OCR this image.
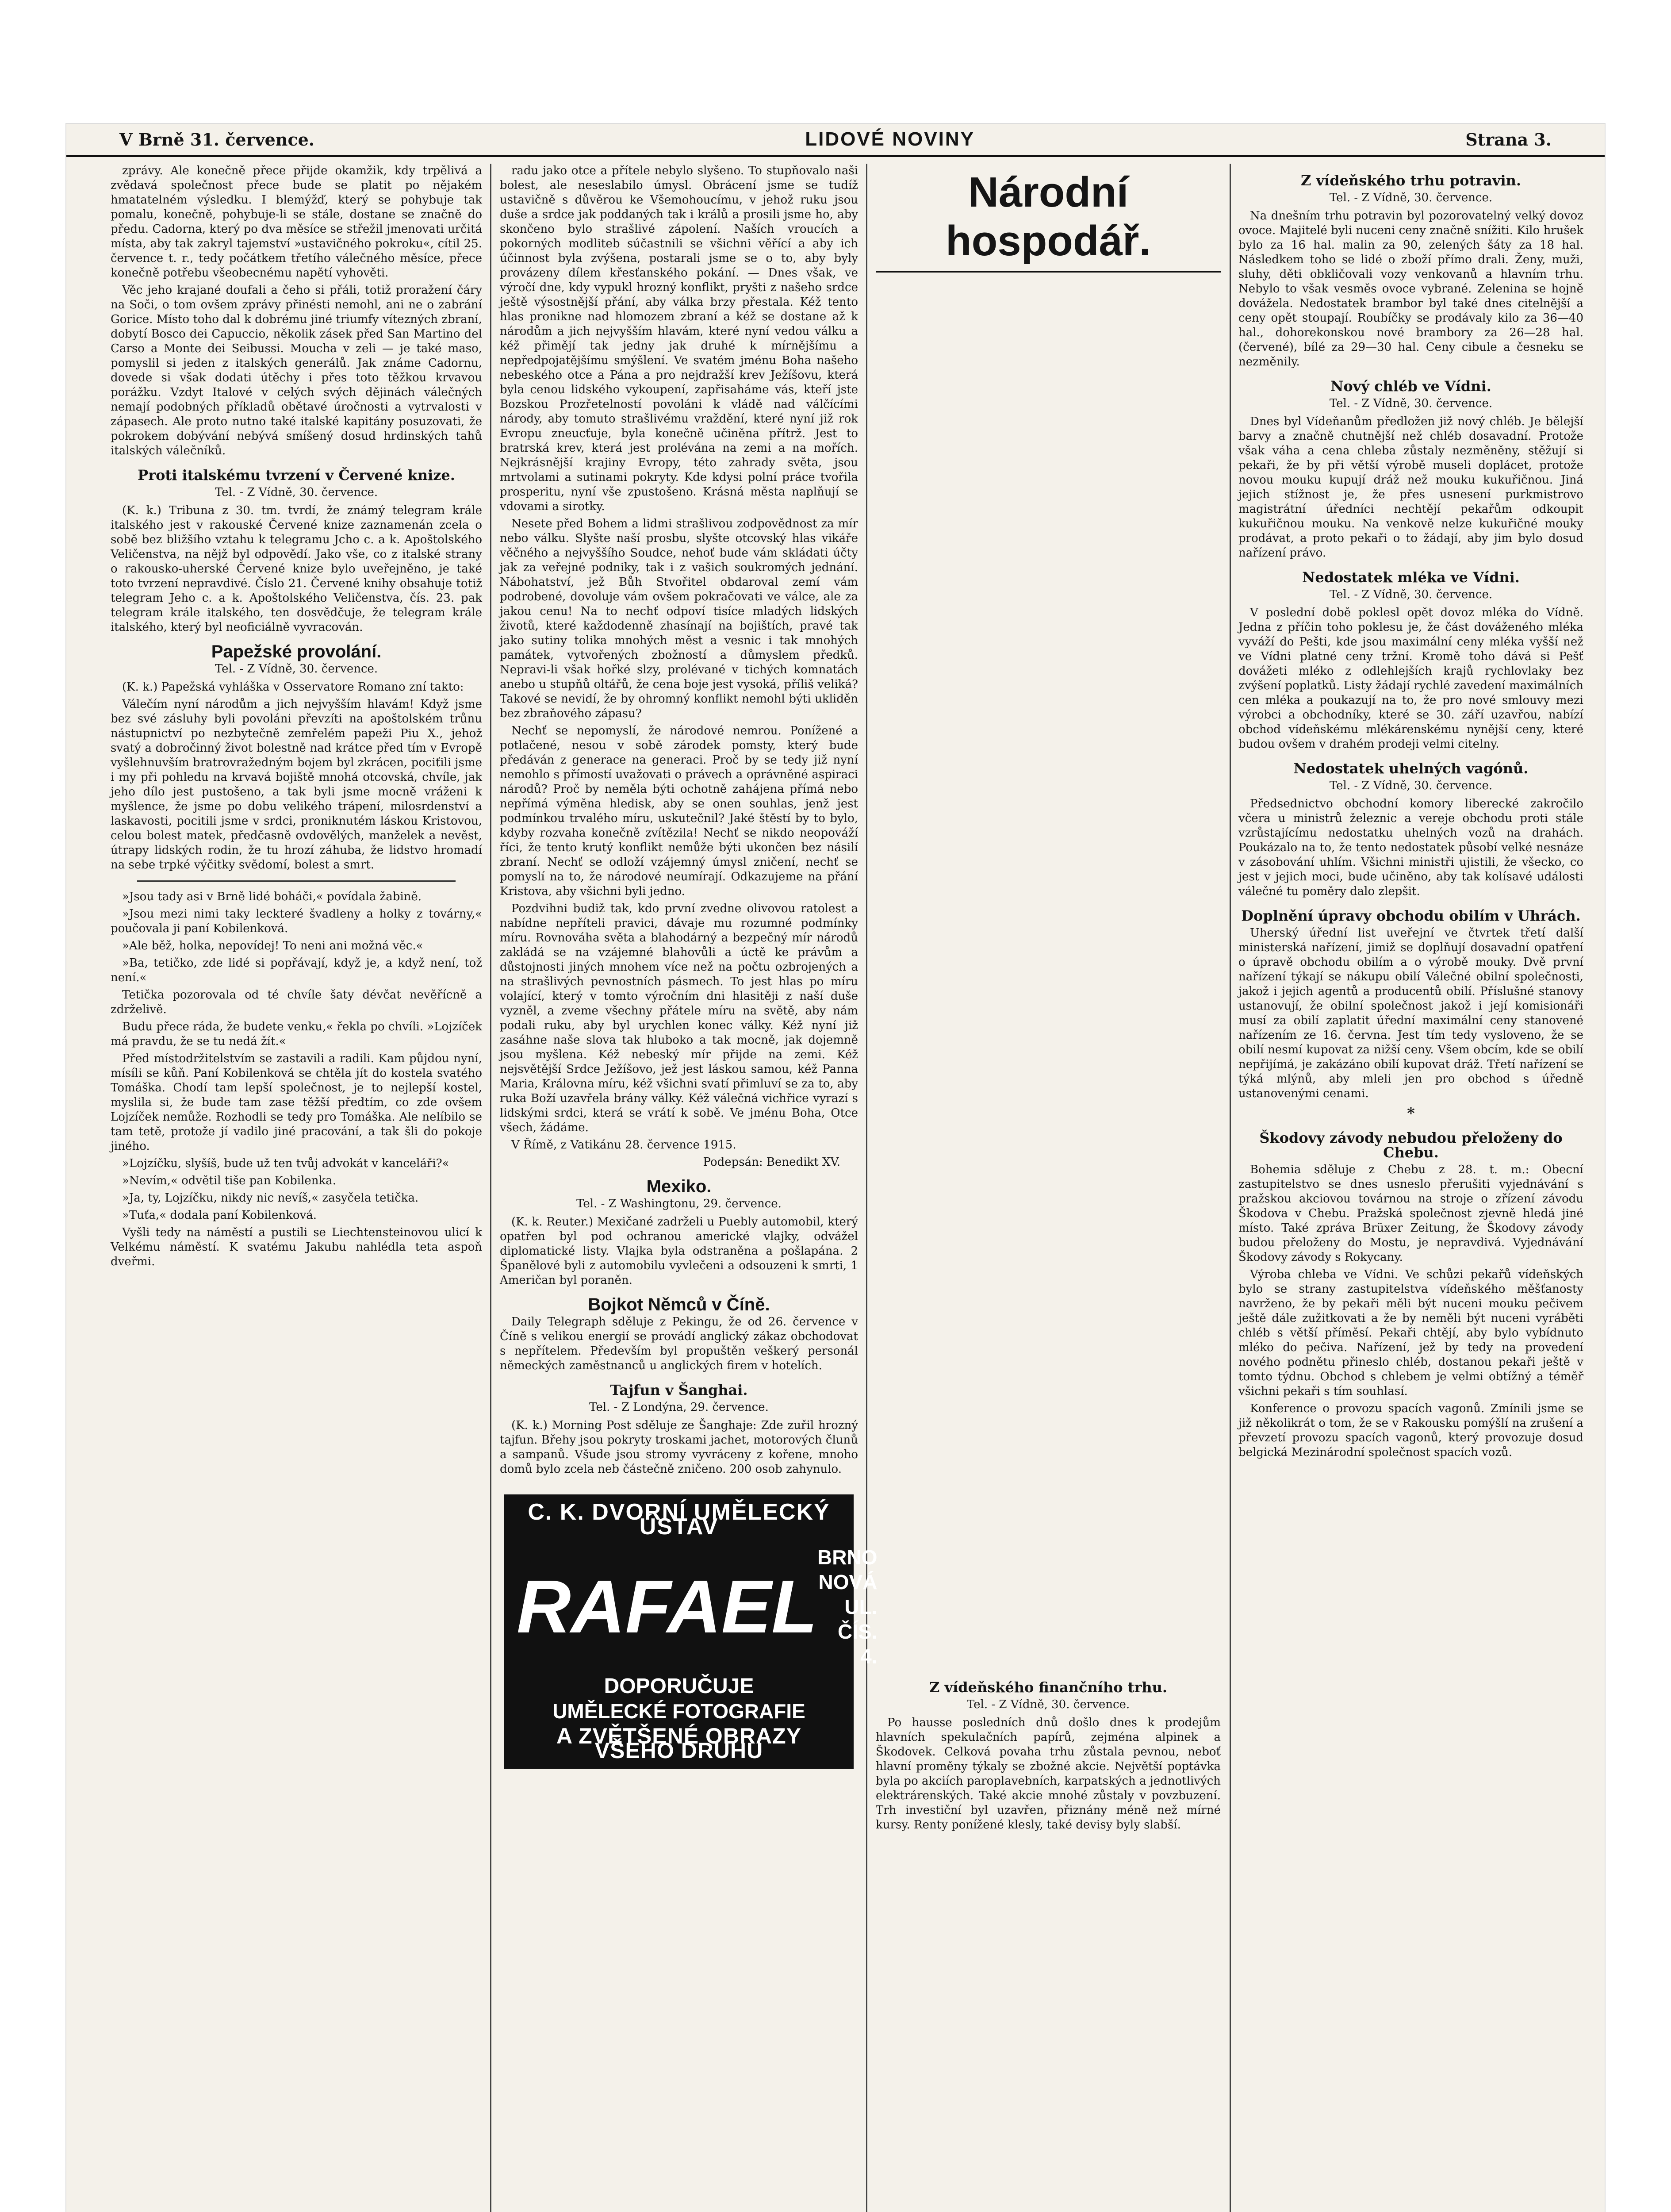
V Brně 31. července.	LIDOVÉ NOVINY	Strana 3.

zprávy. Ale konečně přece přijde okamžik, kdy trpělivá a zvědavá společnost přece bude se platit po nějakém hmatatelném výsledku. I blemýžď, který se pohybuje tak pomalu, konečně, pohybuje-li se stále, dostane se značně do předu. Cadorna, který po dva měsíce se střežil jmenovati určitá místa, aby tak zakryl tajemství »ustavičného pokroku«, cítil 25. července t. r., tedy počátkem třetího válečného měsíce, přece konečně potřebu všeobecnému napětí vyhověti.

Věc jeho krajané doufali a čeho si přáli, totiž proražení čáry na Soči, o tom ovšem zprávy přinésti nemohl, ani ne o zabrání Gorice. Místo toho dal k dobrému jiné triumfy vítezných zbraní, dobytí Bosco dei Capuccio, několik zásek před San Martino del Carso a Monte dei Seibussi. Moucha v zeli — je také maso, pomyslil si jeden z italských generálů. Jak známe Cadornu, dovede si však dodati útěchy i přes toto těžkou krvavou porážku. Vzdyt Italové v celých svých dějinách válečných nemají podobných příkladů obětavé úročnosti a vytrvalosti v zápasech. Ale proto nutno také italské kapitány posuzovati, že pokrokem dobývání nebývá smíšený dosud hrdinských tahů italských válečníků.

Proti italskému tvrzení v Červené knize.
Tel. - Z Vídně, 30. července.

(K. k.) Tribuna z 30. tm. tvrdí, že známý telegram krále italského jest v rakouské Červené knize zaznamenán zcela o sobě bez bližšího vztahu k telegramu Jcho c. a k. Apoštolského Veličenstva, na nějž byl odpovědí. Jako vše, co z italské strany o rakousko-uherské Červené knize bylo uveřejněno, je také toto tvrzení nepravdivé. Číslo 21. Červené knihy obsahuje totiž telegram Jeho c. a k. Apoštolského Veličenstva, čís. 23. pak telegram krále italského, ten dosvědčuje, že telegram krále italského, který byl neoficiálně vyvracován.

Papežské provolání.
Tel. - Z Vídně, 30. července.

(K. k.) Papežská vyhláška v Osservatore Romano zní takto:

Válečím nyní národům a jich nejvyšším hlavám! Když jsme bez své zásluhy byli povoláni převzíti na apoštolském trůnu nástupnictví po nezbytečně zemřelém papeži Piu X., jehož svatý a dobročinný život bolestně nad krátce před tím v Evropě vyšlehnuvším bratrovražedným bojem byl zkrácen, pociťili jsme i my při pohledu na krvavá bojiště mnohá otcovská, chvíle, jak jeho dílo jest pustošeno, a tak byli jsme mocně vráženi k myšlence, že jsme po dobu velikého trápení, milosrdenství a laskavosti, pocitili jsme v srdci, proniknutém láskou Kristovou, celou bolest matek, předčasně ovdovělých, manželek a nevěst, útrapy lidských rodin, že tu hrozí záhuba, že lidstvo hromadí na sebe trpké výčitky svědomí, bolest a smrt.

»Jsou tady asi v Brně lidé boháči,« povídala žabině.

»Jsou mezi nimi taky leckteré švadleny a holky z továrny,« poučovala ji paní Kobilenková.

»Ale běž, holka, nepovídej! To neni ani možná věc.«

»Ba, tetičko, zde lidé si popřávají, když je, a když není, tož není.«

Tetička pozorovala od té chvíle šaty dévčat nevěřícně a zdrželivě.

Budu přece ráda, že budete venku,« řekla po chvíli. »Lojzíček má pravdu, že se tu nedá žít.«

Před místodržitelstvím se zastavili a radili. Kam půjdou nyní, mísíli se kůň. Paní Kobilenková se chtěla jít do kostela svatého Tomáška. Chodí tam lepší společnost, je to nejlepší kostel, myslila si, že bude tam zase těžší předtím, co zde ovšem Lojzíček nemůže. Rozhodli se tedy pro Tomáška. Ale nelíbilo se tam tetě, protože jí vadilo jiné pracování, a tak šli do pokoje jiného.

»Lojzíčku, slyšíš, bude už ten tvůj advokát v kanceláři?«

»Nevím,« odvětil tiše pan Kobilenka.

»Ja, ty, Lojzíčku, nikdy nic nevíš,« zasyčela tetička.

»Tuťa,« dodala paní Kobilenková.

Vyšli tedy na náměstí a pustili se Liechtensteinovou ulicí k Velkému náměstí. K svatému Jakubu nahlédla teta aspoň dveřmi.

radu jako otce a přítele nebylo slyšeno. To stupňovalo naši bolest, ale neseslabilo úmysl. Obrácení jsme se tudíž ustavičně s důvěrou ke Všemohoucímu, v jehož ruku jsou duše a srdce jak poddaných tak i králů a prosili jsme ho, aby skončeno bylo strašlivé zápolení. Naších vroucích a pokorných modliteb súčastnili se všichni věřící a aby ich účinnost byla zvýšena, postarali jsme se o to, aby byly provázeny dílem křesťanského pokání. — Dnes však, ve výročí dne, kdy vypukl hrozný konflikt, pryšti z našeho srdce ještě výsostnější přání, aby válka brzy přestala. Kéž tento hlas pronikne nad hlomozem zbraní a kéž se dostane až k národům a jich nejvyšším hlavám, které nyní vedou válku a kéž přimějí tak jedny jak druhé k mírnějšímu a nepředpojatějšímu smýšlení. Ve svatém jménu Boha našeho nebeského otce a Pána a pro nejdražší krev Ježíšovu, která byla cenou lidského vykoupení, zapřisaháme vás, kteří jste Bozskou Prozřetelností povoláni k vládě nad válčícími národy, aby tomuto strašlivému vraždění, které nyní již rok Evropu zneucťuje, byla konečně učiněna přítrž. Jest to bratrská krev, která jest prolévána na zemi a na mořích. Nejkrásnější krajiny Evropy, této zahrady světa, jsou mrtvolami a sutinami pokryty. Kde kdysi polní práce tvořila prosperitu, nyní vše zpustošeno. Krásná města naplňují se vdovami a sirotky.

Nesete před Bohem a lidmi strašlivou zodpovědnost za mír nebo válku. Slyšte naší prosbu, slyšte otcovský hlas vikáře věčného a nejvyššího Soudce, nehoť bude vám skládati účty jak za veřejné podniky, tak i z vašich soukromých jednání. Nábohatství, jež Bůh Stvořitel obdaroval zemí vám podrobené, dovoluje vám ovšem pokračovati ve válce, ale za jakou cenu! Na to nechť odpoví tisíce mladých lidských životů, které každodenně zhasínají na bojištích, pravé tak jako sutiny tolika mnohých měst a vesnic i tak mnohých památek, vytvořených zbožností a důmyslem předků. Nepravi-li však hořké slzy, prolévané v tichých komnatách anebo u stupňů oltářů, že cena boje jest vysoká, příliš veliká? Takové se nevidí, že by ohromný konflikt nemohl býti ukliděn bez zbraňového zápasu?

Nechť se nepomyslí, že národové nemrou. Ponížené a potlačené, nesou v sobě zárodek pomsty, který bude předáván z generace na generaci. Proč by se tedy již nyní nemohlo s přímostí uvažovati o právech a oprávněné aspiraci národů? Proč by neměla býti ochotně zahájena přímá nebo nepřímá výměna hledisk, aby se onen souhlas, jenž jest podmínkou trvalého míru, uskutečnil? Jaké štěstí by to bylo, kdyby rozvaha konečně zvítězila! Nechť se nikdo neopováží říci, že tento krutý konflikt nemůže býti ukončen bez násilí zbraní. Nechť se odloží vzájemný úmysl zničení, nechť se pomyslí na to, že národové neumírají. Odkazujeme na přání Kristova, aby všichni byli jedno.

Pozdvihni budiž tak, kdo první zvedne olivovou ratolest a nabídne nepříteli pravici, dávaje mu rozumné podmínky míru. Rovnováha světa a blahodárný a bezpečný mír národů zakládá se na vzájemné blahovůli a úctě ke právům a důstojnosti jiných mnohem více než na počtu ozbrojených a na strašlivých pevnostních pásmech. To jest hlas po míru volající, který v tomto výročním dni hlasitěji z naší duše vyzněl, a zveme všechny přátele míru na světě, aby nám podali ruku, aby byl urychlen konec války. Kéž nyní již zasáhne naše slova tak hluboko a tak mocně, jak dojemně jsou myšlena. Kéž nebeský mír přijde na zemi. Kéž nejsvětější Srdce Ježíšovo, jež jest láskou samou, kéž Panna Maria, Královna míru, kéž všichni svatí přimluví se za to, aby ruka Boží uzavřela brány války. Kéž válečná vichřice vyrazí s lidskými srdci, která se vrátí k sobě. Ve jménu Boha, Otce všech, žádáme.

V Římě, z Vatikánu 28. července 1915.

Podepsán: Benedikt XV.
Mexiko.
Tel. - Z Washingtonu, 29. července.

(K. k. Reuter.) Mexičané zadrželi u Puebly automobil, který opatřen byl pod ochranou americké vlajky, odvážel diplomatické listy. Vlajka byla odstraněna a pošlapána. 2 Španělové byli z automobilu vyvlečeni a odsouzeni k smrti, 1 Američan byl poraněn.

Bojkot Němců v Číně.

Daily Telegraph sděluje z Pekingu, že od 26. července v Číně s velikou energií se provádí anglický zákaz obchodovat s nepřítelem. Především byl propuštěn veškerý personál německých zaměstnanců u anglických firem v hotelích.

Tajfun v Šanghai.
Tel. - Z Londýna, 29. července.

(K. k.) Morning Post sděluje ze Šanghaje: Zde zuřil hrozný tajfun. Břehy jsou pokryty troskami jachet, motorových člunů a sampanů. Všude jsou stromy vyvráceny z kořene, mnoho domů bylo zcela neb částečně zničeno. 200 osob zahynulo.

C. K. DVORNÍ UMĚLECKÝ ÚSTAV
RAFAEL
BRNO NOVÁ UL. ČÍS. 4.
DOPORUČUJE
UMĚLECKÉ FOTOGRAFIE
A ZVĚTŠENÉ OBRAZY VŠEHO DRUHU
Národní hospodář.
Z vídeňského finančního trhu.
Tel. - Z Vídně, 30. července.

Po hausse posledních dnů došlo dnes k prodejům hlavních spekulačních papírů, zejména alpinek a Škodovek. Celková povaha trhu zůstala pevnou, neboť hlavní proměny týkaly se zbožné akcie. Největší poptávka byla po akciích paroplavebních, karpatských a jednotlivých elektrárenských. Také akcie mnohé zůstaly v povzbuzení. Trh investiční byl uzavřen, přiznány méně než mírné kursy. Renty ponížené klesly, také devisy byly slabší.

Z vídeňského trhu potravin.
Tel. - Z Vídně, 30. července.

Na dnešním trhu potravin byl pozorovatelný velký dovoz ovoce. Majitelé byli nuceni ceny značně snížiti. Kilo hrušek bylo za 16 hal. malin za 90, zelených šáty za 18 hal. Následkem toho se lidé o zboží přímo drali. Ženy, muži, sluhy, děti obkličovali vozy venkovanů a hlavním trhu. Nebylo to však vesměs ovoce vybrané. Zelenina se hojně dovážela. Nedostatek brambor byl také dnes citelnější a ceny opět stoupají. Roubíčky se prodávaly kilo za 36—40 hal., dohorekonskou nové brambory za 26—28 hal. (červené), bílé za 29—30 hal. Ceny cibule a česneku se nezměnily.

Nový chléb ve Vídni.
Tel. - Z Vídně, 30. července.

Dnes byl Vídeňanům předložen již nový chléb. Je bělejší barvy a značně chutnější než chléb dosavadní. Protože však váha a cena chleba zůstaly nezměněny, stěžují si pekaři, že by při větší výrobě museli doplácet, protože novou mouku kupují dráž než mouku kukuřičnou. Jiná jejich stížnost je, že přes usnesení purkmistrovo magistrátní úředníci nechtějí pekařům odkoupit kukuřičnou mouku. Na venkově nelze kukuřičné mouky prodávat, a proto pekaři o to žádají, aby jim bylo dosud nařízení právo.

Nedostatek mléka ve Vídni.
Tel. - Z Vídně, 30. července.

V poslední době poklesl opět dovoz mléka do Vídně. Jedna z příčin toho poklesu je, že část dováženého mléka vyváží do Pešti, kde jsou maximální ceny mléka vyšší než ve Vídni platné ceny tržní. Kromě toho dává si Pešť dovážeti mléko z odlehlejších krajů rychlovlaky bez zvýšení poplatků. Listy žádají rychlé zavedení maximálních cen mléka a poukazují na to, že pro nové smlouvy mezi výrobci a obchodníky, které se 30. září uzavřou, nabízí obchod vídeňskému mlékárenskému nynější ceny, které budou ovšem v drahém prodeji velmi citelny.

Nedostatek uhelných vagónů.
Tel. - Z Vídně, 30. července.

Předsednictvo obchodní komory liberecké zakročilo včera u ministrů železnic a vereje obchodu proti stále vzrůstajícímu nedostatku uhelných vozů na drahách. Poukázalo na to, že tento nedostatek působí velké nesnáze v zásobování uhlím. Všichni ministři ujistili, že všecko, co jest v jejich moci, bude učiněno, aby tak kolísavé události válečné tu poměry dalo zlepšit.

Doplnění úpravy obchodu obilím v Uhrách.

Uherský úřední list uveřejní ve čtvrtek třetí další ministerská nařízení, jimiž se doplňují dosavadní opatření o úpravě obchodu obilím a o výrobě mouky. Dvě první nařízení týkají se nákupu obilí Válečné obilní společnosti, jakož i jejich agentů a producentů obilí. Příslušné stanovy ustanovují, že obilní společnost jakož i její komisionáři musí za obilí zaplatit úřední maximální ceny stanovené nařízením ze 16. června. Jest tím tedy vysloveno, že se obilí nesmí kupovat za nižší ceny. Všem obcím, kde se obilí nepřijímá, je zakázáno obilí kupovat dráž. Třetí nařízení se týká mlýnů, aby mleli jen pro obchod s úředně ustanovenými cenami.

*
Škodovy závody nebudou přeloženy do Chebu.

Bohemia sděluje z Chebu z 28. t. m.: Obecní zastupitelstvo se dnes usneslo přerušiti vyjednávání s pražskou akciovou továrnou na stroje o zřízení závodu Škodova v Chebu. Pražská společnost zjevně hledá jiné místo. Také zpráva Brüxer Zeitung, že Škodovy závody budou přeloženy do Mostu, je nepravdivá. Vyjednávání Škodovy závody s Rokycany.

Výroba chleba ve Vídni. Ve schůzi pekařů vídeňských bylo se strany zastupitelstva vídeňského měšťanosty navrženo, že by pekaři měli být nuceni mouku pečivem ještě dále zužitkovati a že by neměli být nuceni vyráběti chléb s větší příměsí. Pekaři chtějí, aby bylo vybídnuto mléko do pečiva. Nařízení, jež by tedy na provedení nového podnětu přineslo chléb, dostanou pekaři ještě v tomto týdnu. Obchod s chlebem je velmi obtížný a téměř všichni pekaři s tím souhlasí.

Konference o provozu spacích vagonů. Zmínili jsme se již několikrát o tom, že se v Rakousku pomýšlí na zrušení a převzetí provozu spacích vagonů, který provozuje dosud belgická Mezinárodní společnost spacích vozů.
